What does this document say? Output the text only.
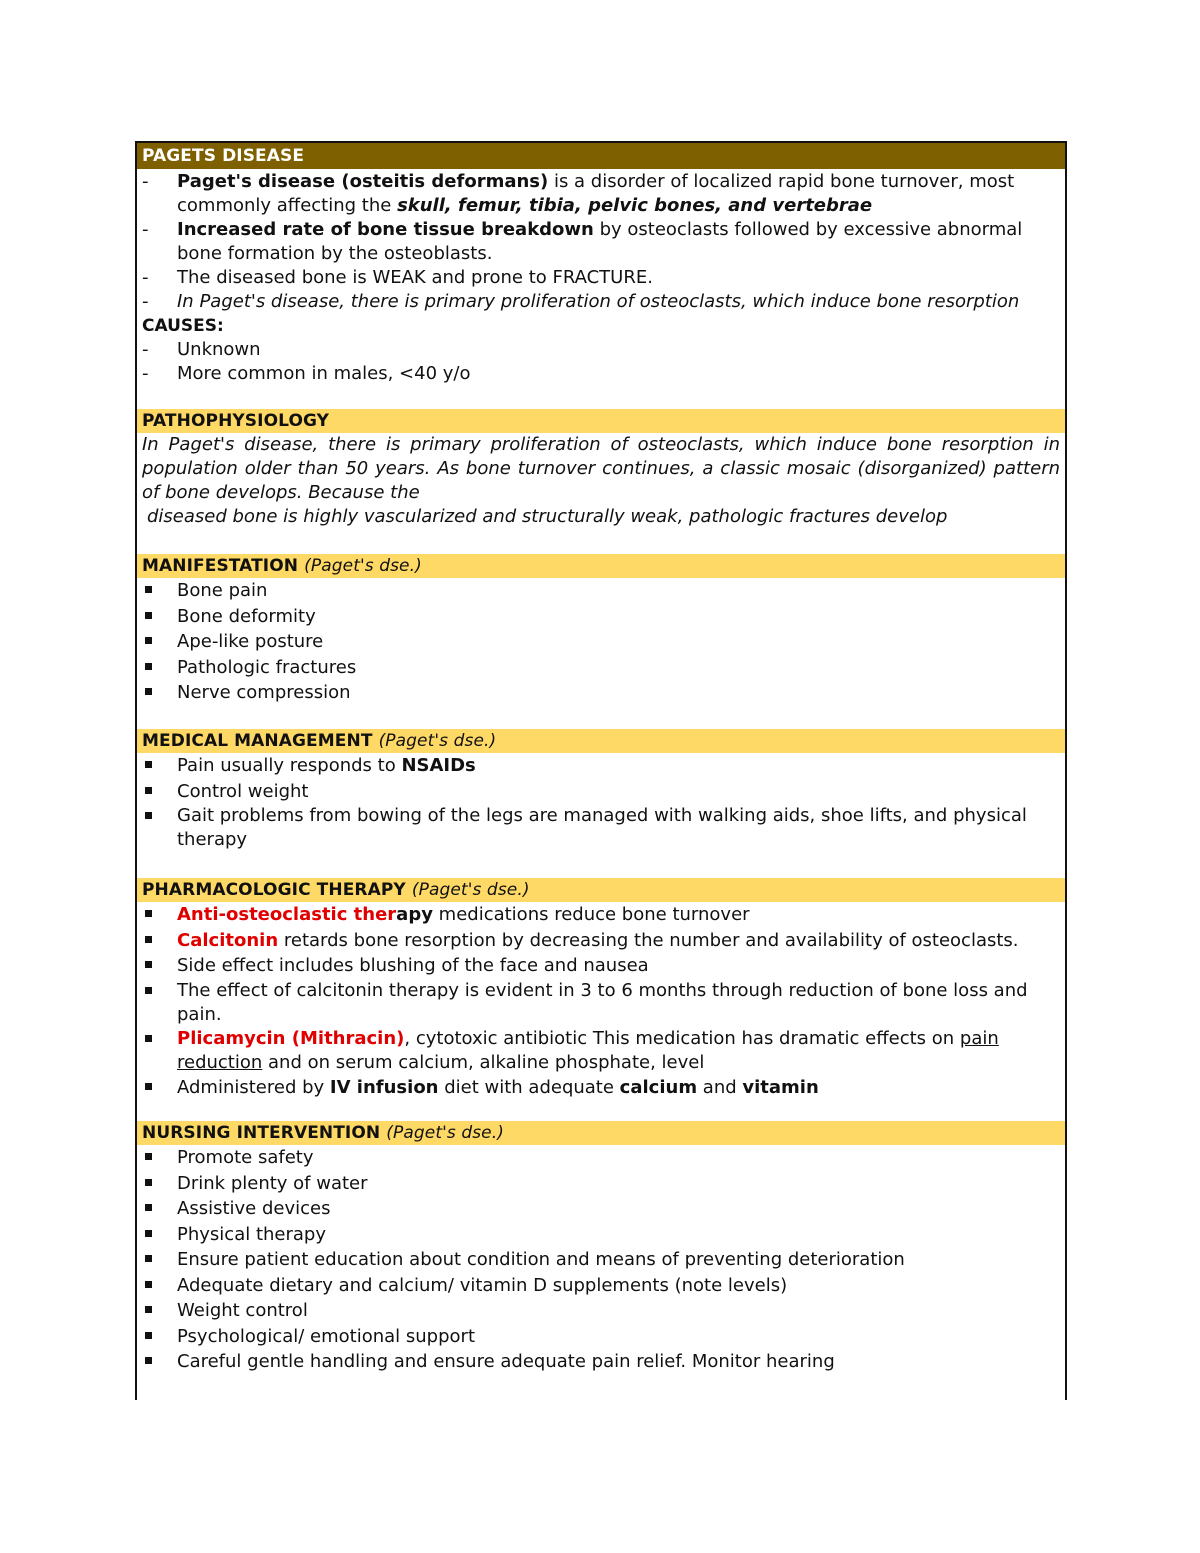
PAGETS DISEASE
-	Paget's disease (osteitis deformans) is a disorder of localized rapid bone turnover, most commonly affecting the skull, femur, tibia, pelvic bones, and vertebrae
-	Increased rate of bone tissue breakdown by osteoclasts followed by excessive abnormal bone formation by the osteoblasts.
-	The diseased bone is WEAK and prone to FRACTURE.
-	In Paget's disease, there is primary proliferation of osteoclasts, which induce bone resorption
CAUSES:
-	Unknown
-	More common in males, <40 y/o
PATHOPHYSIOLOGY
In Paget's disease, there is primary proliferation of osteoclasts, which induce bone resorption in population older than 50 years. As bone turnover continues, a classic mosaic (disorganized) pattern of bone develops. Because the
diseased bone is highly vascularized and structurally weak, pathologic fractures develop
MANIFESTATION (Paget's dse.)
Bone pain
Bone deformity
Ape-like posture
Pathologic fractures
Nerve compression
MEDICAL MANAGEMENT (Paget's dse.)
Pain usually responds to NSAIDs
Control weight
Gait problems from bowing of the legs are managed with walking aids, shoe lifts, and physical therapy
PHARMACOLOGIC THERAPY (Paget's dse.)
Anti-osteoclastic therapy medications reduce bone turnover
Calcitonin retards bone resorption by decreasing the number and availability of osteoclasts.
Side effect includes blushing of the face and nausea
The effect of calcitonin therapy is evident in 3 to 6 months through reduction of bone loss and pain.
Plicamycin (Mithracin), cytotoxic antibiotic This medication has dramatic effects on pain reduction and on serum calcium, alkaline phosphate, level
Administered by IV infusion diet with adequate calcium and vitamin
NURSING INTERVENTION (Paget's dse.)
Promote safety
Drink plenty of water
Assistive devices
Physical therapy
Ensure patient education about condition and means of preventing deterioration
Adequate dietary and calcium/ vitamin D supplements (note levels)
Weight control
Psychological/ emotional support
Careful gentle handling and ensure adequate pain relief. Monitor hearing
